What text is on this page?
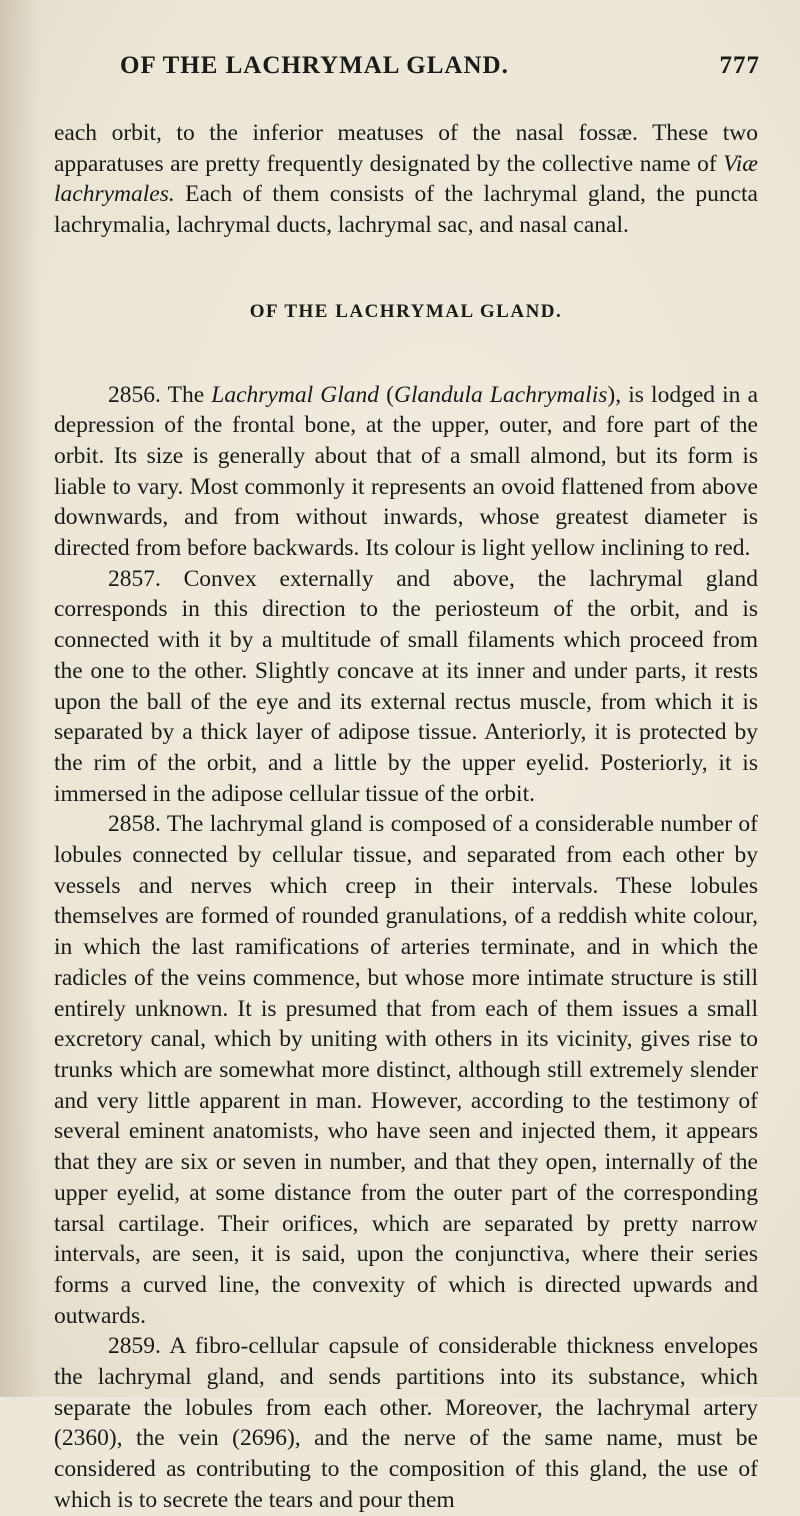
OF THE LACHRYMAL GLAND.	777

each orbit, to the inferior meatuses of the nasal fossæ. These two apparatuses are pretty frequently designated by the collective name of Viæ lachrymales. Each of them consists of the lachrymal gland, the puncta lachrymalia, lachrymal ducts, lachrymal sac, and nasal canal.

OF THE LACHRYMAL GLAND.

2856. The Lachrymal Gland (Glandula Lachrymalis), is lodged in a depression of the frontal bone, at the upper, outer, and fore part of the orbit. Its size is generally about that of a small almond, but its form is liable to vary. Most commonly it represents an ovoid flattened from above downwards, and from without inwards, whose greatest diameter is directed from before backwards. Its colour is light yellow inclining to red.

2857. Convex externally and above, the lachrymal gland corresponds in this direction to the periosteum of the orbit, and is connected with it by a multitude of small filaments which proceed from the one to the other. Slightly concave at its inner and under parts, it rests upon the ball of the eye and its external rectus muscle, from which it is separated by a thick layer of adipose tissue. Anteriorly, it is protected by the rim of the orbit, and a little by the upper eyelid. Posteriorly, it is immersed in the adipose cellular tissue of the orbit.

2858. The lachrymal gland is composed of a considerable number of lobules connected by cellular tissue, and separated from each other by vessels and nerves which creep in their intervals. These lobules themselves are formed of rounded granulations, of a reddish white colour, in which the last ramifications of arteries terminate, and in which the radicles of the veins commence, but whose more intimate structure is still entirely unknown. It is presumed that from each of them issues a small excretory canal, which by uniting with others in its vicinity, gives rise to trunks which are somewhat more distinct, although still extremely slender and very little apparent in man. However, according to the testimony of several eminent anatomists, who have seen and injected them, it appears that they are six or seven in number, and that they open, internally of the upper eyelid, at some distance from the outer part of the corresponding tarsal cartilage. Their orifices, which are separated by pretty narrow intervals, are seen, it is said, upon the conjunctiva, where their series forms a curved line, the convexity of which is directed upwards and outwards.

2859. A fibro-cellular capsule of considerable thickness envelopes the lachrymal gland, and sends partitions into its substance, which separate the lobules from each other. Moreover, the lachrymal artery (2360), the vein (2696), and the nerve of the same name, must be considered as contributing to the composition of this gland, the use of which is to secrete the tears and pour them
